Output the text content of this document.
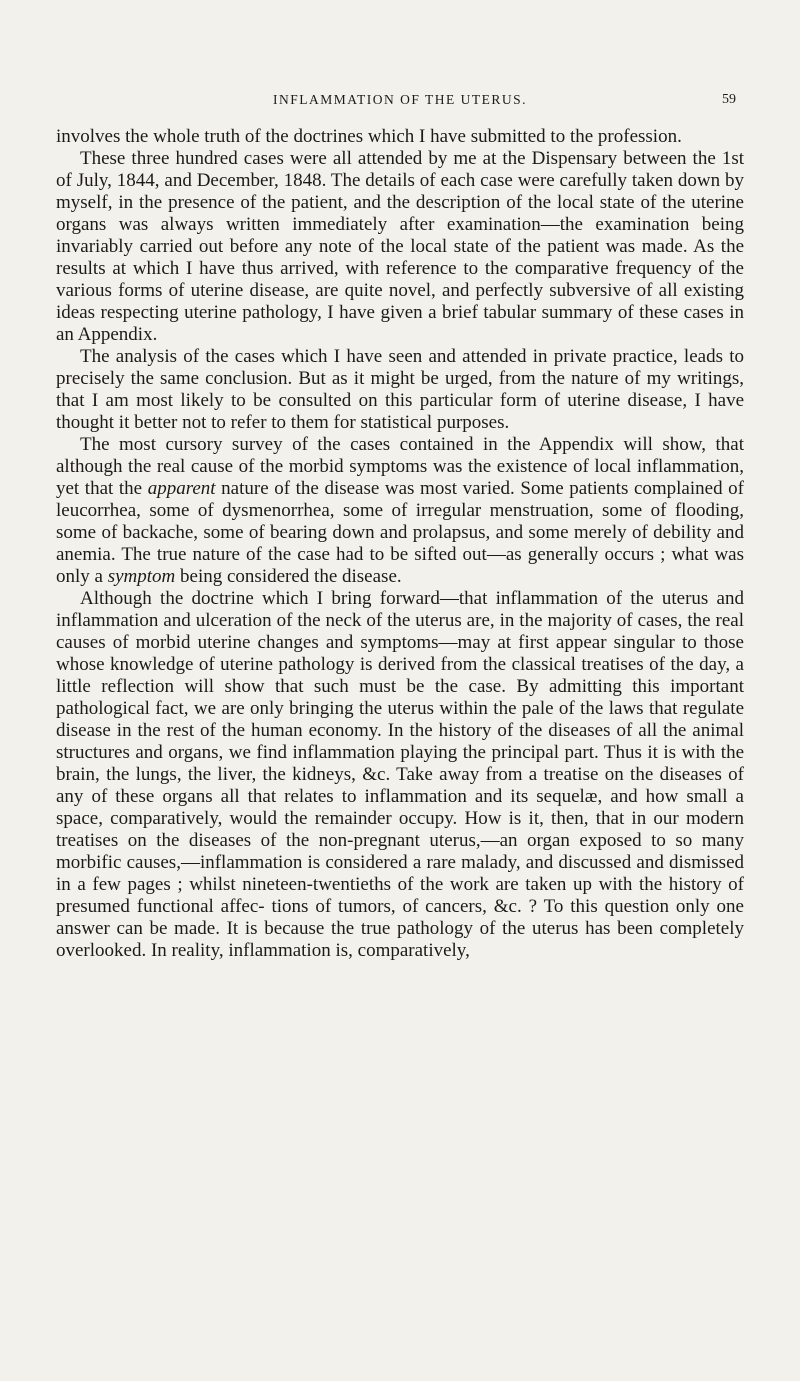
INFLAMMATION OF THE UTERUS.	59

involves the whole truth of the doctrines which I have submitted to the profession.

These three hundred cases were all attended by me at the Dispensary between the 1st of July, 1844, and December, 1848. The details of each case were carefully taken down by myself, in the presence of the patient, and the description of the local state of the uterine organs was always written immediately after examination—the examination being invariably carried out before any note of the local state of the patient was made. As the results at which I have thus arrived, with reference to the comparative frequency of the various forms of uterine disease, are quite novel, and perfectly subversive of all existing ideas respecting uterine pathology, I have given a brief tabular summary of these cases in an Appendix.

The analysis of the cases which I have seen and attended in private practice, leads to precisely the same conclusion. But as it might be urged, from the nature of my writings, that I am most likely to be consulted on this particular form of uterine disease, I have thought it better not to refer to them for statistical purposes.

The most cursory survey of the cases contained in the Appendix will show, that although the real cause of the morbid symptoms was the existence of local inflammation, yet that the apparent nature of the disease was most varied. Some patients complained of leucorrhea, some of dysmenorrhea, some of irregular menstruation, some of flooding, some of backache, some of bearing down and prolapsus, and some merely of debility and anemia. The true nature of the case had to be sifted out—as generally occurs ; what was only a symptom being considered the disease.

Although the doctrine which I bring forward—that inflammation of the uterus and inflammation and ulceration of the neck of the uterus are, in the majority of cases, the real causes of morbid uterine changes and symptoms—may at first appear singular to those whose knowledge of uterine pathology is derived from the classical treatises of the day, a little reflection will show that such must be the case. By admitting this important pathological fact, we are only bringing the uterus within the pale of the laws that regulate disease in the rest of the human economy. In the history of the diseases of all the animal structures and organs, we find inflammation playing the principal part. Thus it is with the brain, the lungs, the liver, the kidneys, &c. Take away from a treatise on the diseases of any of these organs all that relates to inflammation and its sequelæ, and how small a space, comparatively, would the remainder occupy. How is it, then, that in our modern treatises on the diseases of the non-pregnant uterus,—an organ exposed to so many morbific causes,—inflammation is considered a rare malady, and discussed and dismissed in a few pages ; whilst nineteen-twentieths of the work are taken up with the history of presumed functional affec- tions of tumors, of cancers, &c. ? To this question only one answer can be made. It is because the true pathology of the uterus has been completely overlooked. In reality, inflammation is, comparatively,
